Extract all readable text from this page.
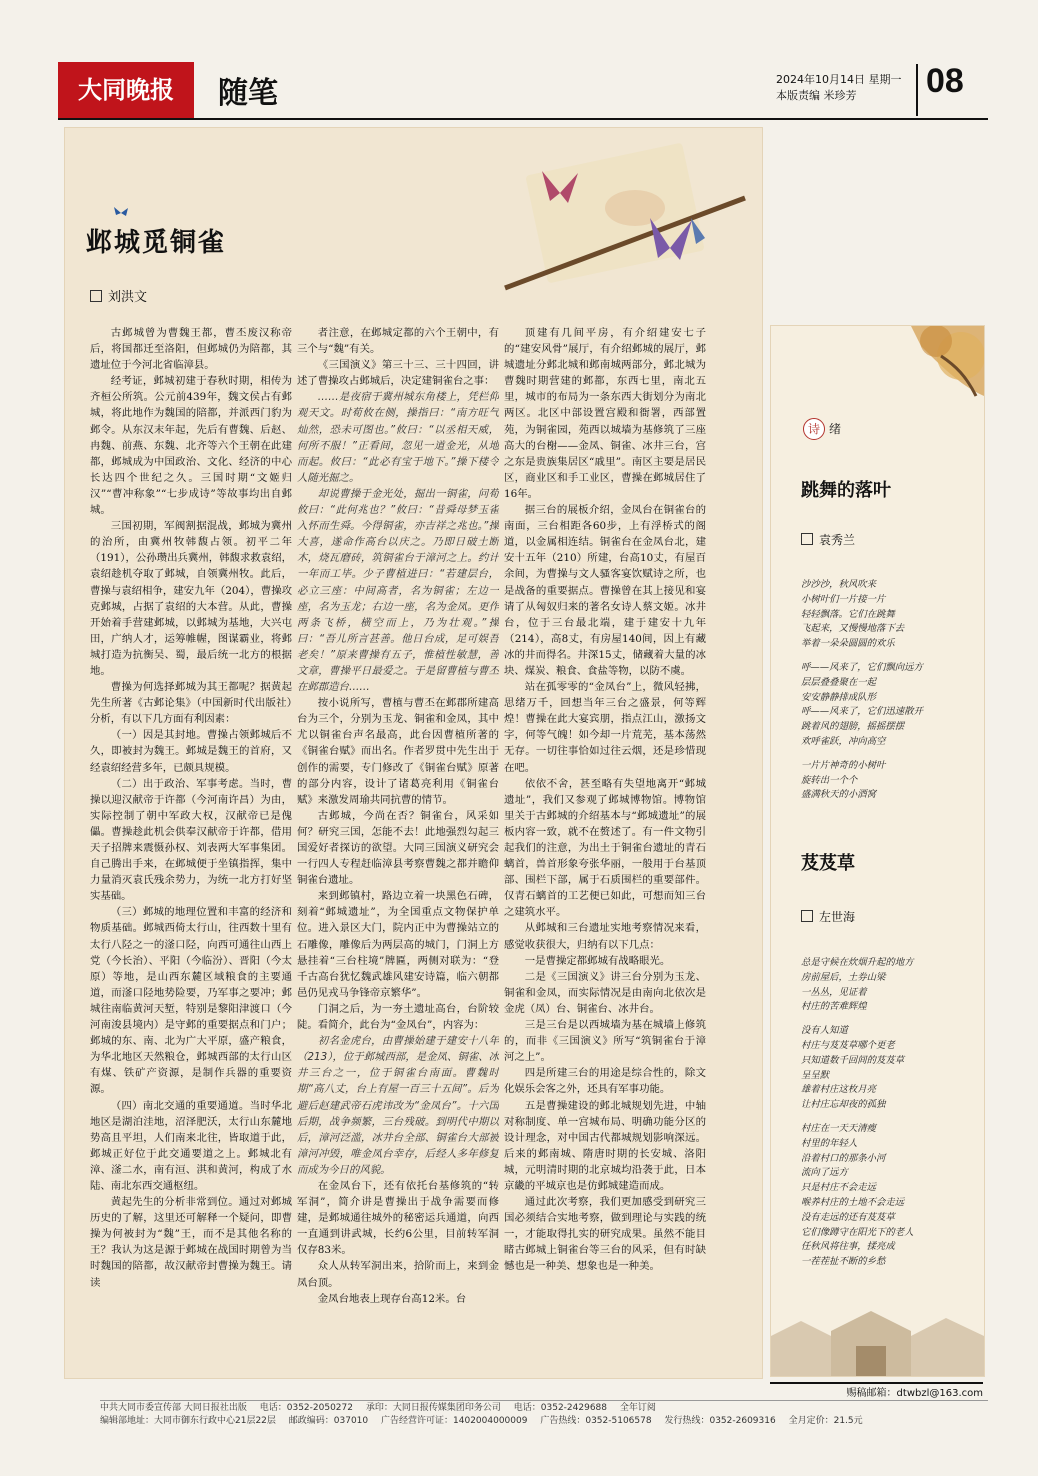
大同晚报	随笔	2024年10月14日 星期一
本版责编 米珍芳	08
邺城觅铜雀
刘洪文

古邺城曾为曹魏王都，曹丕废汉称帝后，将国都迁至洛阳，但邺城仍为陪都，其遗址位于今河北省临漳县。

经考证，邺城初建于春秋时期，相传为齐桓公所筑。公元前439年，魏文侯占有邺城，将此地作为魏国的陪都，并派西门豹为邺令。从东汉末年起，先后有曹魏、后赵、冉魏、前燕、东魏、北齐等六个王朝在此建都，邺城成为中国政治、文化、经济的中心长达四个世纪之久。三国时期“文姬归汉”“曹冲称象”“七步成诗”等故事均出自邺城。

三国初期，军阀割据混战，邺城为冀州的治所，由冀州牧韩馥占领。初平二年（191），公孙瓒出兵冀州，韩馥求救袁绍，袁绍趁机夺取了邺城，自领冀州牧。此后，曹操与袁绍相争，建安九年（204），曹操攻克邺城，占据了袁绍的大本营。从此，曹操开始着手营建邺城，以邺城为基地，大兴屯田，广纳人才，运筹帷幄，图谋霸业，将邺城打造为抗衡吴、蜀，最后统一北方的根据地。

曹操为何选择邺城为其王都呢？据黄起先生所著《古邺论集》（中国新时代出版社）分析，有以下几方面有利因素：

（一）因是其封地。曹操占领邺城后不久，即被封为魏王。邺城是魏王的首府，又经袁绍经营多年，已颇具规模。

（二）出于政治、军事考虑。当时，曹操以迎汉献帝于许都（今河南许昌）为由，实际控制了朝中军政大权，汉献帝已是傀儡。曹操趁此机会供奉汉献帝于许都，借用天子招牌来震慑孙权、刘表两大军事集团。自己腾出手来，在邺城便于坐镇指挥，集中力量消灭袁氏残余势力，为统一北方打好坚实基础。

（三）邺城的地理位置和丰富的经济和物质基础。邺城西倚太行山，往西数十里有太行八陉之一的滏口陉，向西可通往山西上党（今长治）、平阳（今临汾）、晋阳（今太原）等地，是山西东麓区域粮食的主要通道，而滏口陉地势险要，乃军事之要冲；邺城往南临黄河天堑，特别是黎阳津渡口（今河南浚县境内）是守邺的重要据点和门户；邺城的东、南、北为广大平原，盛产粮食，为华北地区天然粮仓，邺城西部的太行山区有煤、铁矿产资源，是制作兵器的重要资源。

（四）南北交通的重要通道。当时华北地区是湖泊洼地，沼泽肥沃，太行山东麓地势高且平坦，人们南来北往，皆取道于此，邺城正好位于此交通要道之上。邺城北有漳、滏二水，南有洹、淇和黄河，构成了水陆、南北东西交通枢纽。

黄起先生的分析非常到位。通过对邺城历史的了解，这里还可解释一个疑问，即曹操为何被封为“魏”王，而不是其他名称的王？我认为这是源于邺城在战国时期曾为当时魏国的陪都，故汉献帝封曹操为魏王。请读

者注意，在邺城定都的六个王朝中，有三个与“魏”有关。

《三国演义》第三十三、三十四回，讲述了曹操攻占邺城后，决定建铜雀台之事：

……是夜宿于冀州城东角楼上，凭栏仰观天文。时荀攸在侧，操指曰：“南方旺气灿然，恐未可图也。”攸曰：“以丞相天威，何所不服！”正看间，忽见一道金光，从地而起。攸曰：“此必有宝于地下。”操下楼令人随光掘之。

却说曹操于金光处，掘出一铜雀，问荀攸曰：“此何兆也？”攸曰：“昔舜母梦玉雀入怀而生舜。今得铜雀，亦吉祥之兆也。”操大喜，遂命作高台以庆之。乃即日破土断木，烧瓦磨砖，筑铜雀台于漳河之上。约计一年而工毕。少子曹植进曰：“若建层台，必立三座：中间高者，名为铜雀；左边一座，名为玉龙；右边一座，名为金凤。更作两条飞桥，横空而上，乃为壮观。”操曰：“吾儿所言甚善。他日台成，足可娱吾老矣！”原来曹操有五子，惟植性敏慧，善文章，曹操平日最爱之。于是留曹植与曹丕在邺郡造台……

按小说所写，曹植与曹丕在邺郡所建高台为三个，分别为玉龙、铜雀和金凤，其中尤以铜雀台声名最高，此台因曹植所著的《铜雀台赋》而出名。作者罗贯中先生出于创作的需要，专门修改了《铜雀台赋》原著的部分内容，设计了诸葛亮利用《铜雀台赋》来激发周瑜共同抗曹的情节。

古邺城，今尚在否？铜雀台，风采如何？研究三国，怎能不去！此地强烈勾起三国爱好者探访的欲望。大同三国演义研究会一行四人专程赶临漳县考察曹魏之都并瞻仰铜雀台遗址。

来到邺镇村，路边立着一块黑色石碑，刻着“邺城遗址”，为全国重点文物保护单位。进入景区大门，院内正中为曹操站立的石雕像，雕像后为两层高的城门，门洞上方悬挂着“三台柱境”牌匾，两侧对联为：“登千古高台犹忆魏武雄风建安诗篇，临六朝都邑仍见戎马争锋帝京繁华”。

门洞之后，为一夯土遗址高台，台阶较陡。看简介，此台为“金凤台”，内容为：

初名金虎台，由曹操始建于建安十八年（213），位于邺城西部，是金凤、铜雀、冰井三台之一，位于铜雀台南面。曹魏时期“高八丈，台上有屋一百三十五间”。后为避后赵建武帝石虎讳改为“金凤台”。十六国后期，战争频繁，三台残破。到明代中期以后，漳河泛滥，冰井台全部、铜雀台大部被漳河冲毁，唯金凤台幸存，后经人多年修复而成为今日的风貌。

在金凤台下，还有依托台基修筑的“转军洞”，简介讲是曹操出于战争需要而修建，是邺城通往城外的秘密运兵通道，向西一直通到讲武城，长约6公里，目前转军洞仅存83米。

众人从转军洞出来，拾阶而上，来到金凤台顶。

金凤台地表上现存台高12米。台

顶建有几间平房，有介绍建安七子的“建安风骨”展厅，有介绍邺城的展厅，邺城遗址分邺北城和邺南城两部分，邺北城为曹魏时期营建的邺都，东西七里，南北五里，城市的布局为一条东西大街划分为南北两区。北区中部设置宫殿和衙署，西部置苑，为铜雀园，苑西以城墙为基修筑了三座高大的台榭——金凤、铜雀、冰井三台，宫之东是贵族集居区“戚里”。南区主要是居民区，商业区和手工业区，曹操在邺城居住了16年。

据三台的展板介绍，金凤台在铜雀台的南面，三台相距各60步，上有浮桥式的阁道，以金属相连结。铜雀台在金凤台北，建安十五年（210）所建，台高10丈，有屋百余间，为曹操与文人骚客宴饮赋诗之所，也是战备的重要据点。曹操曾在其上接见和宴请了从匈奴归来的著名女诗人蔡文姬。冰井台，位于三台最北端，建于建安十九年（214），高8丈，有房屋140间，因上有藏冰的井而得名。井深15丈，储藏着大量的冰块、煤炭、粮食、食盐等物，以防不虞。

站在孤零零的“金凤台”上，微风轻拂，思绪万千，回想当年三台之盛景，何等辉煌！曹操在此大宴宾朋，指点江山，激扬文字，何等气魄！如今却一片荒芜，基本荡然无存。一切往事恰如过往云烟，还是珍惜现在吧。

依依不舍，甚至略有失望地离开“邺城遗址”，我们又参观了邺城博物馆。博物馆里关于古邺城的介绍基本与“邺城遗址”的展板内容一致，就不在赘述了。有一件文物引起我们的注意，为出土于铜雀台遗址的青石螭首，兽首形象夸张华丽，一般用于台基顶部、围栏下部，属于石质围栏的重要部件。仅青石螭首的工艺便已如此，可想而知三台之建筑水平。

从邺城和三台遗址实地考察情况来看，感觉收获很大，归纳有以下几点：

一是曹操定都邺城有战略眼光。

二是《三国演义》讲三台分别为玉龙、铜雀和金凤，而实际情况是由南向北依次是金虎（凤）台、铜雀台、冰井台。

三是三台是以西城墙为基在城墙上修筑的，而非《三国演义》所写“筑铜雀台于漳河之上”。

四是所建三台的用途是综合性的，除文化娱乐会客之外，还具有军事功能。

五是曹操建设的邺北城规划先进，中轴对称制度、单一宫城布局、明确功能分区的设计理念，对中国古代都城规划影响深远。后来的邺南城、隋唐时期的长安城、洛阳城，元明清时期的北京城均沿袭于此，日本京畿的平城京也是仿邺城建造而成。

通过此次考察，我们更加感受到研究三国必须结合实地考察，做到理论与实践的统一，才能取得扎实的研究成果。虽然不能目睹古邺城上铜雀台等三台的风采，但有时缺憾也是一种美、想象也是一种美。

诗 绪
跳舞的落叶
袁秀兰
沙沙沙，秋风吹来
小树叶们一片接一片
轻轻飘落。它们在跳舞
飞起来，又慢慢地落下去
举着一朵朵圆圆的欢乐
呼——风来了，它们飘向远方
层层叠叠聚在一起
安安静静排成队形
呼——风来了，它们迅速散开
跳着风的翅膀，摇摇摆摆
欢呼雀跃，冲向高空
一片片神奇的小树叶
旋转出一个个
盛满秋天的小酒窝
芨芨草
左世海
总是守候在炊烟升起的地方
房前屋后，土券山梁
一丛丛，见证着
村庄的苦难辉煌
没有人知道
村庄与芨芨草哪个更老
只知道数千回间的芨芨草
呈呈默
雄着村庄这枚月亮
让村庄忘却夜的孤独
村庄在一天天清瘦
村里的年轻人
沿着村口的那条小河
流向了远方
只是村庄不会走远
喉养村庄的土地不会走远
没有走远的还有芨芨草
它们像蹲守在阳光下的老人
任秋风将往事，揉亮成
一茬茬扯不断的乡愁
赐稿邮箱：dtwbzl@163.com
中共大同市委宣传部 大同日报社出版 电话：0352-2050272 承印：大同日报传媒集团印务公司 电话：0352-2429688 全年订阅
编辑部地址：大同市御东行政中心21层22层 邮政编码：037010 广告经营许可证：1402004000009 广告热线：0352-5106578 发行热线：0352-2609316 全月定价：21.5元
